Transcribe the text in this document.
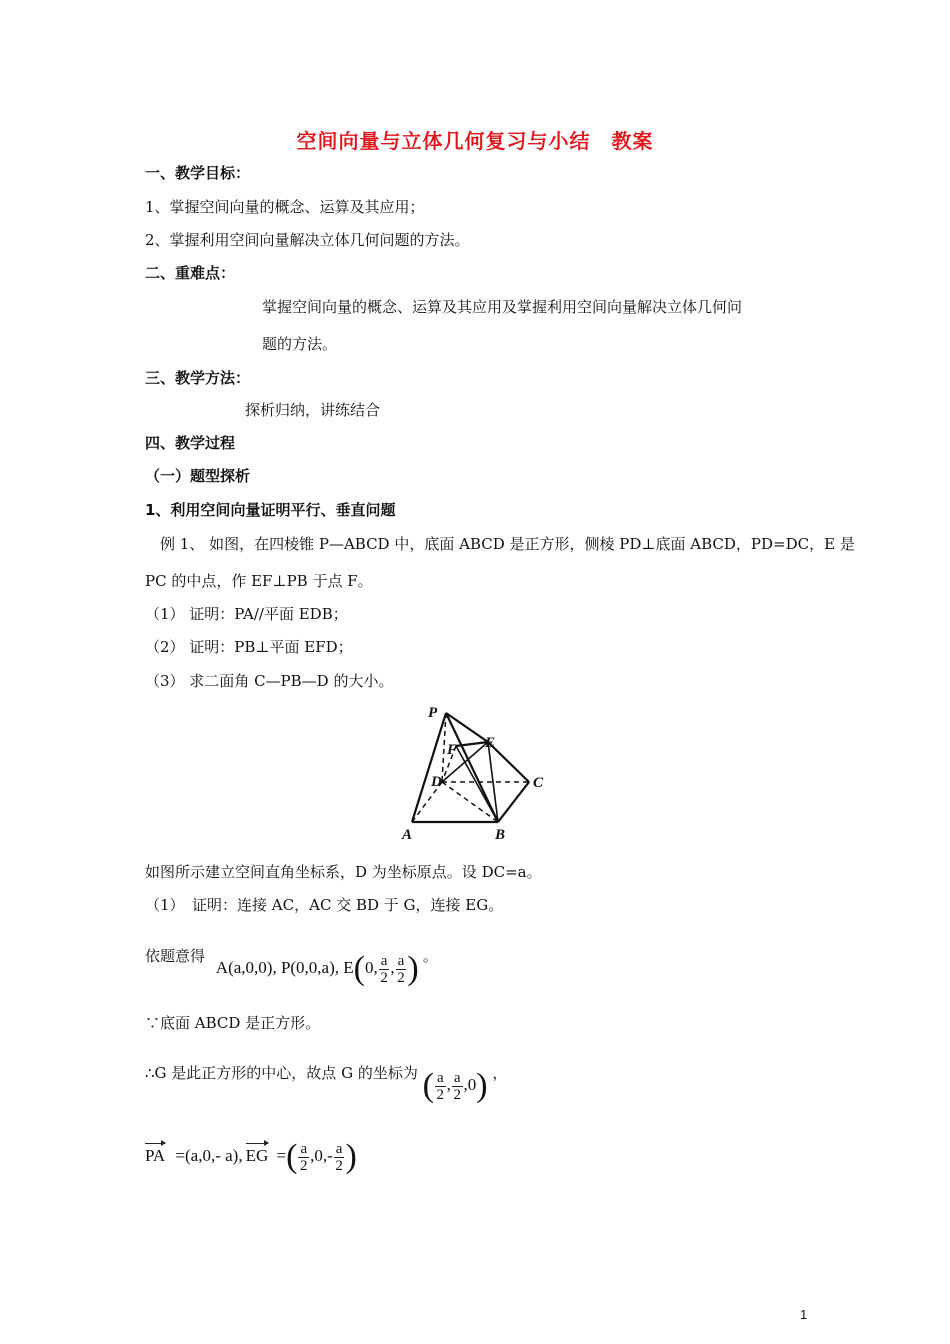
空间向量与立体几何复习与小结　教案
一、教学目标：
1、掌握空间向量的概念、运算及其应用；
2、掌握利用空间向量解决立体几何问题的方法。
二、重难点：
掌握空间向量的概念、运算及其应用及掌握利用空间向量解决立体几何问
题的方法。
三、教学方法：
探析归纳，讲练结合
四、教学过程
（一）题型探析
1、利用空间向量证明平行、垂直问题
例 1、 如图，在四棱锥 P—ABCD 中，底面 ABCD 是正方形，侧棱 PD⊥底面 ABCD，PD=DC，E 是
PC 的中点，作 EF⊥PB 于点 F。
（1） 证明：PA//平面 EDB；
（2） 证明：PB⊥平面 EFD；
（3） 求二面角 C—PB—D 的大小。
P
F E
D	C
A	B
如图所示建立空间直角坐标系，D 为坐标原点。设 DC=a。
（1）　证明：连接 AC，AC 交 BD 于 G，连接 EG。
依题意得 A(a,0,0), P(0,0,a), E(0, $\frac{a}{2}$ , $\frac{a}{2}$ ) 。
∵底面 ABCD 是正方形。
∴G 是此正方形的中心，故点 G 的坐标为 ( $\frac{a}{2}$ , $\frac{a}{2} ,0$) ，
PA =(a,0,- a), EG =( $\frac{a}{2} ,0,- \frac{a}{2}$ )
1
